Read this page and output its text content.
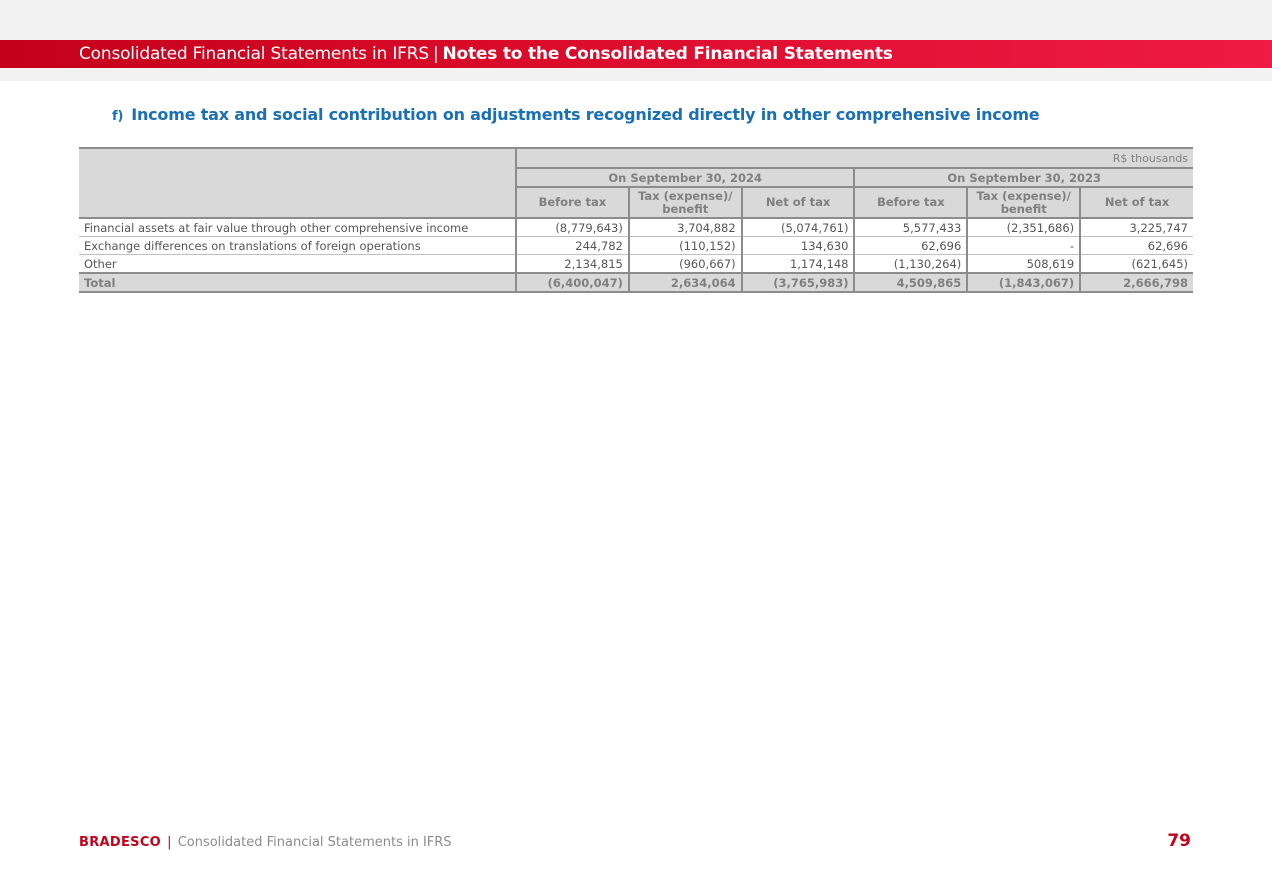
Consolidated Financial Statements in IFRS | Notes to the Consolidated Financial Statements
f) Income tax and social contribution on adjustments recognized directly in other comprehensive income
	R$ thousands					
	On September 30, 2024			On September 30, 2023		
	Before tax	Tax (expense)/ benefit	Net of tax	Before tax	Tax (expense)/ benefit	Net of tax
Financial assets at fair value through other comprehensive income	(8,779,643)	3,704,882	(5,074,761)	5,577,433	(2,351,686)	3,225,747
Exchange differences on translations of foreign operations	244,782	(110,152)	134,630	62,696	-	62,696
Other	2,134,815	(960,667)	1,174,148	(1,130,264)	508,619	(621,645)
Total	(6,400,047)	2,634,064	(3,765,983)	4,509,865	(1,843,067)	2,666,798
BRADESCO | Consolidated Financial Statements in IFRS	79
